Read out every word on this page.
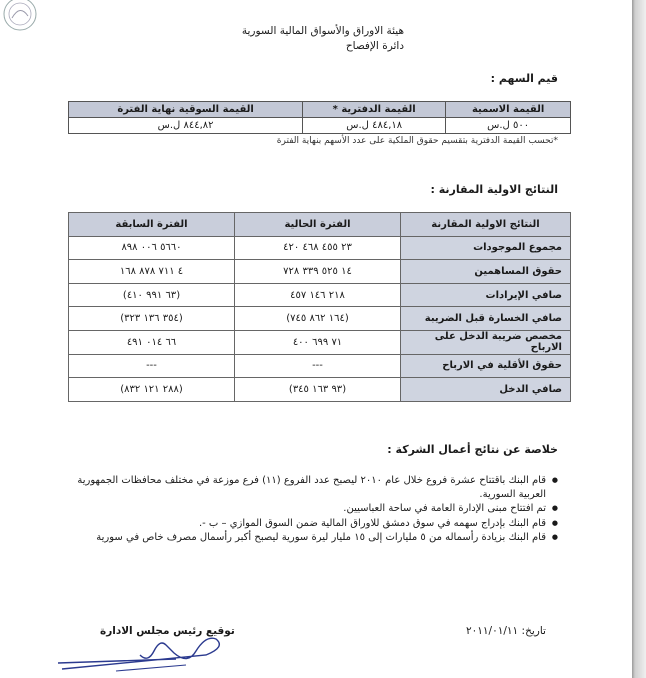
هيئة الاوراق والأسواق المالية السورية
دائرة الإفصاح
قيم السهم :
القيمة الاسمية	القيمة الدفترية *	القيمة السوقية نهاية الفترة
٥٠٠ ل.س	٤٨٤,١٨ ل.س	٨٤٤,٨٢ ل.س
*تحسب القيمة الدفترية بتقسيم حقوق الملكية على عدد الأسهم بنهاية الفترة
النتائج الاولية المقارنة :
النتائج الاولية المقارنة	الفترة الحالية	الفترة السابقة
مجموع الموجودات	٢٣ ٤٥٥ ٤٦٨ ٤٢٠	٥٦٦٠ ٠٠٦ ٨٩٨
حقوق المساهمين	١٤ ٥٢٥ ٣٣٩ ٧٢٨	٤ ٧١١ ٨٧٨ ١٦٨
صافي الإيرادات	٢١٨ ١٤٦ ٤٥٧	(٦٣ ٩٩١ ٤١٠)
صافي الخسارة قبل الضريبة	(١٦٤ ٨٦٢ ٧٤٥)	(٣٥٤ ١٣٦ ٣٢٣)
مخصص ضريبة الدخل على الارباح	٧١ ٦٩٩ ٤٠٠	٦٦ ٠١٤ ٤٩١
حقوق الأقلية في الارباح	---	---
صافي الدخل	(٩٣ ١٦٣ ٣٤٥)	(٢٨٨ ١٢١ ٨٣٢)
خلاصة عن نتائج أعمال الشركة :
● قام البنك باقتتاح عشرة فروع خلال عام ٢٠١٠ ليصبح عدد الفروع (١١) فرع موزعة في مختلف محافظات الجمهورية العربية السورية.
● تم افتتاح مبنى الإدارة العامة في ساحة العباسيين.
● قام البنك بإدراج سهمه في سوق دمشق للاوراق المالية ضمن السوق الموازي – ب -.
● قام البنك بزيادة رأسماله من ٥ مليارات إلى ١٥ مليار ليرة سورية ليصبح أكبر رأسمال مصرف خاص في سورية
تاريخ: ٢٠١١/٠١/١١
توقيع رئيس مجلس الادارة
